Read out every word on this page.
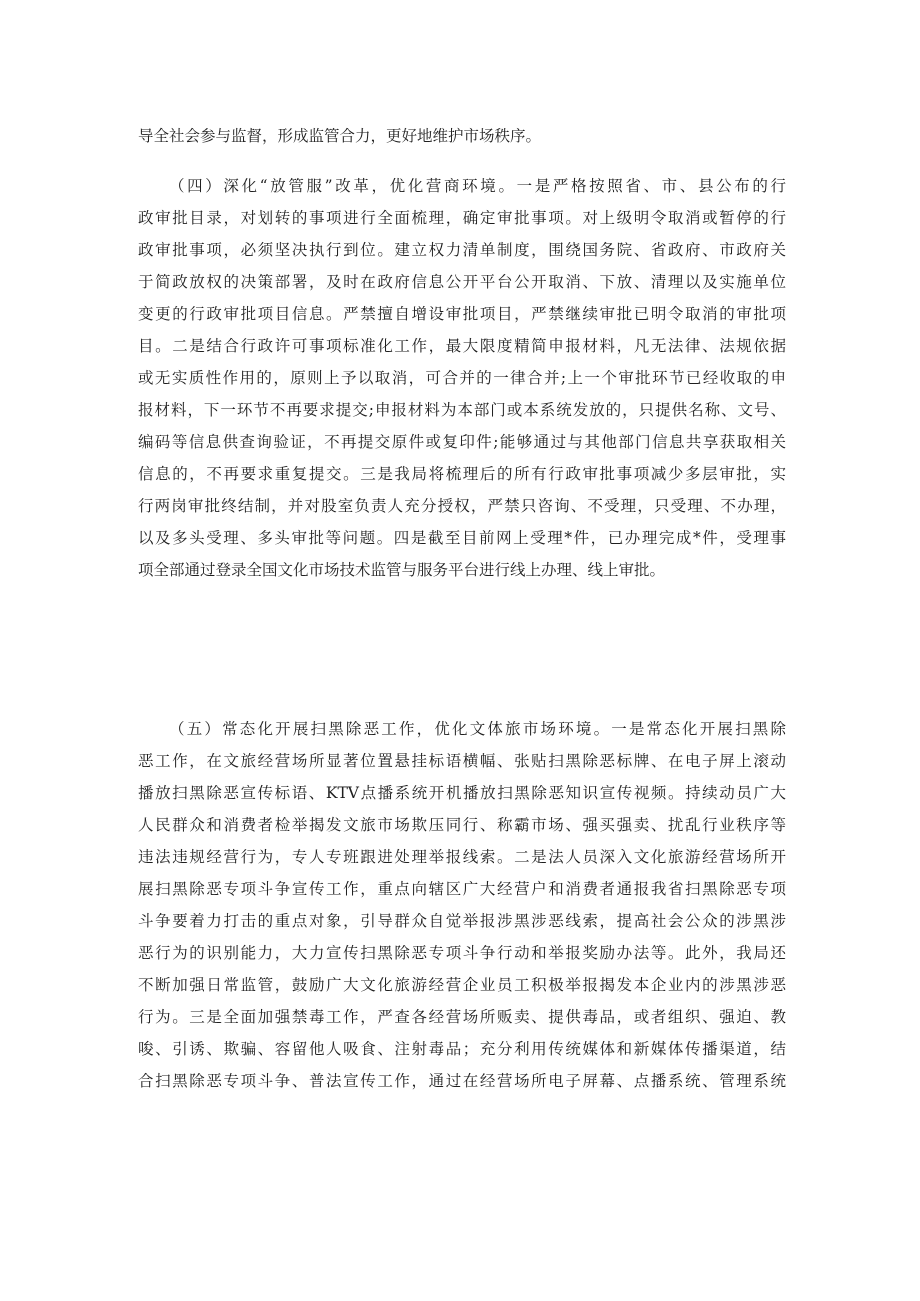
导全社会参与监督，形成监管合力，更好地维护市场秩序。
（四）深化“放管服”改革，优化营商环境。一是严格按照省、市、县公布的行
政审批目录，对划转的事项进行全面梳理，确定审批事项。对上级明令取消或暂停的行
政审批事项，必须坚决执行到位。建立权力清单制度，围绕国务院、省政府、市政府关
于简政放权的决策部署，及时在政府信息公开平台公开取消、下放、清理以及实施单位
变更的行政审批项目信息。严禁擅自增设审批项目，严禁继续审批已明令取消的审批项
目。二是结合行政许可事项标准化工作，最大限度精简申报材料，凡无法律、法规依据
或无实质性作用的，原则上予以取消，可合并的一律合并;上一个审批环节已经收取的申
报材料，下一环节不再要求提交;申报材料为本部门或本系统发放的，只提供名称、文号、
编码等信息供查询验证，不再提交原件或复印件;能够通过与其他部门信息共享获取相关
信息的，不再要求重复提交。三是我局将梳理后的所有行政审批事项减少多层审批，实
行两岗审批终结制，并对股室负责人充分授权，严禁只咨询、不受理，只受理、不办理，
以及多头受理、多头审批等问题。四是截至目前网上受理*件，已办理完成*件，受理事
项全部通过登录全国文化市场技术监管与服务平台进行线上办理、线上审批。
（五）常态化开展扫黑除恶工作，优化文体旅市场环境。一是常态化开展扫黑除
恶工作，在文旅经营场所显著位置悬挂标语横幅、张贴扫黑除恶标牌、在电子屏上滚动
播放扫黑除恶宣传标语、KTV点播系统开机播放扫黑除恶知识宣传视频。持续动员广大
人民群众和消费者检举揭发文旅市场欺压同行、称霸市场、强买强卖、扰乱行业秩序等
违法违规经营行为，专人专班跟进处理举报线索。二是法人员深入文化旅游经营场所开
展扫黑除恶专项斗争宣传工作，重点向辖区广大经营户和消费者通报我省扫黑除恶专项
斗争要着力打击的重点对象，引导群众自觉举报涉黑涉恶线索，提高社会公众的涉黑涉
恶行为的识别能力，大力宣传扫黑除恶专项斗争行动和举报奖励办法等。此外，我局还
不断加强日常监管，鼓励广大文化旅游经营企业员工积极举报揭发本企业内的涉黑涉恶
行为。三是全面加强禁毒工作，严查各经营场所贩卖、提供毒品，或者组织、强迫、教
唆、引诱、欺骗、容留他人吸食、注射毒品；充分利用传统媒体和新媒体传播渠道，结
合扫黑除恶专项斗争、普法宣传工作，通过在经营场所电子屏幕、点播系统、管理系统
